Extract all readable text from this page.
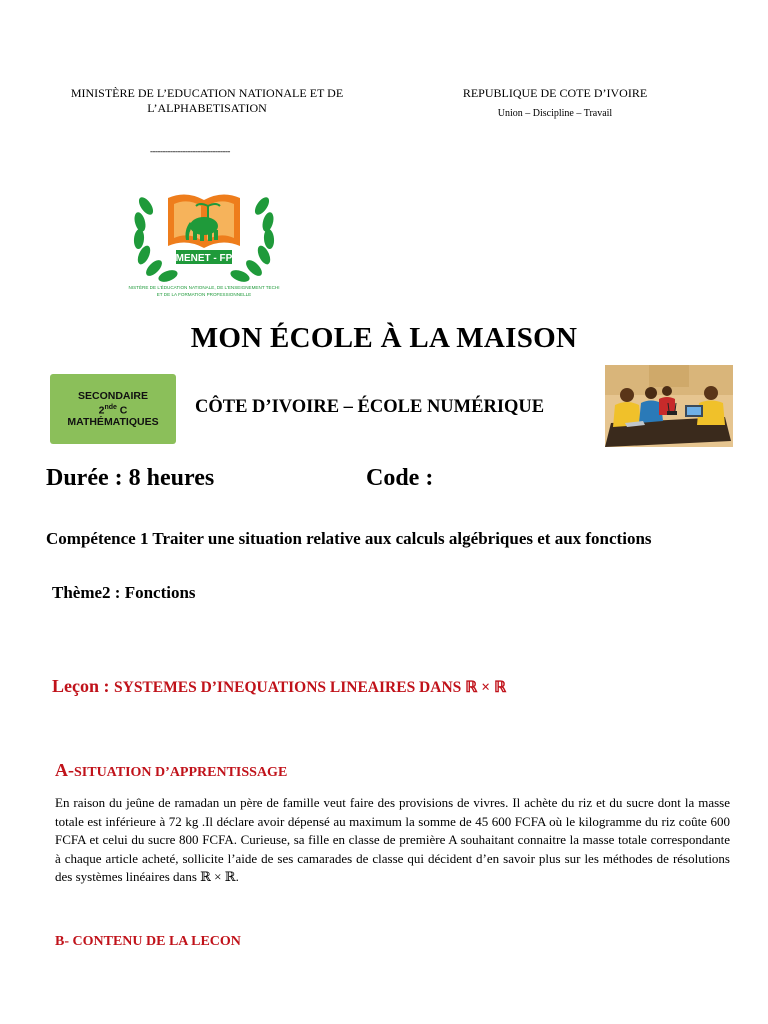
MINISTÈRE DE L’EDUCATION NATIONALE ET DE
L’ALPHABETISATION
--------------------------------
REPUBLIQUE DE COTE D’IVOIRE
Union – Discipline – Travail
MENET - FP
NISTÈRE DE L’ÉDUCATION NATIONALE, DE L’ENSEIGNEMENT TECHI
ET DE LA FORMATION PROFESSIONNELLE
MON ÉCOLE À LA MAISON
SECONDAIRE
2nde C
MATHÉMATIQUES
CÔTE D’IVOIRE – ÉCOLE NUMÉRIQUE
Durée : 8 heures	Code :
Compétence 1 Traiter une situation relative aux calculs algébriques et aux fonctions
Thème2 : Fonctions
Leçon : SYSTEMES D’INEQUATIONS LINEAIRES DANS ℝ × ℝ
A-SITUATION D’APPRENTISSAGE
En raison du jeûne de ramadan un père de famille veut faire des provisions de vivres. Il achète du riz et du sucre dont la masse totale est inférieure à 72 kg .Il déclare avoir dépensé au maximum la somme de 45 600 FCFA où le kilogramme du riz coûte 600 FCFA et celui du sucre 800 FCFA. Curieuse, sa fille en classe de première A souhaitant connaitre la masse totale correspondante à chaque article acheté, sollicite l’aide de ses camarades de classe qui décident d’en savoir plus sur les méthodes de résolutions des systèmes linéaires dans ℝ × ℝ.
B- CONTENU DE LA LECON
